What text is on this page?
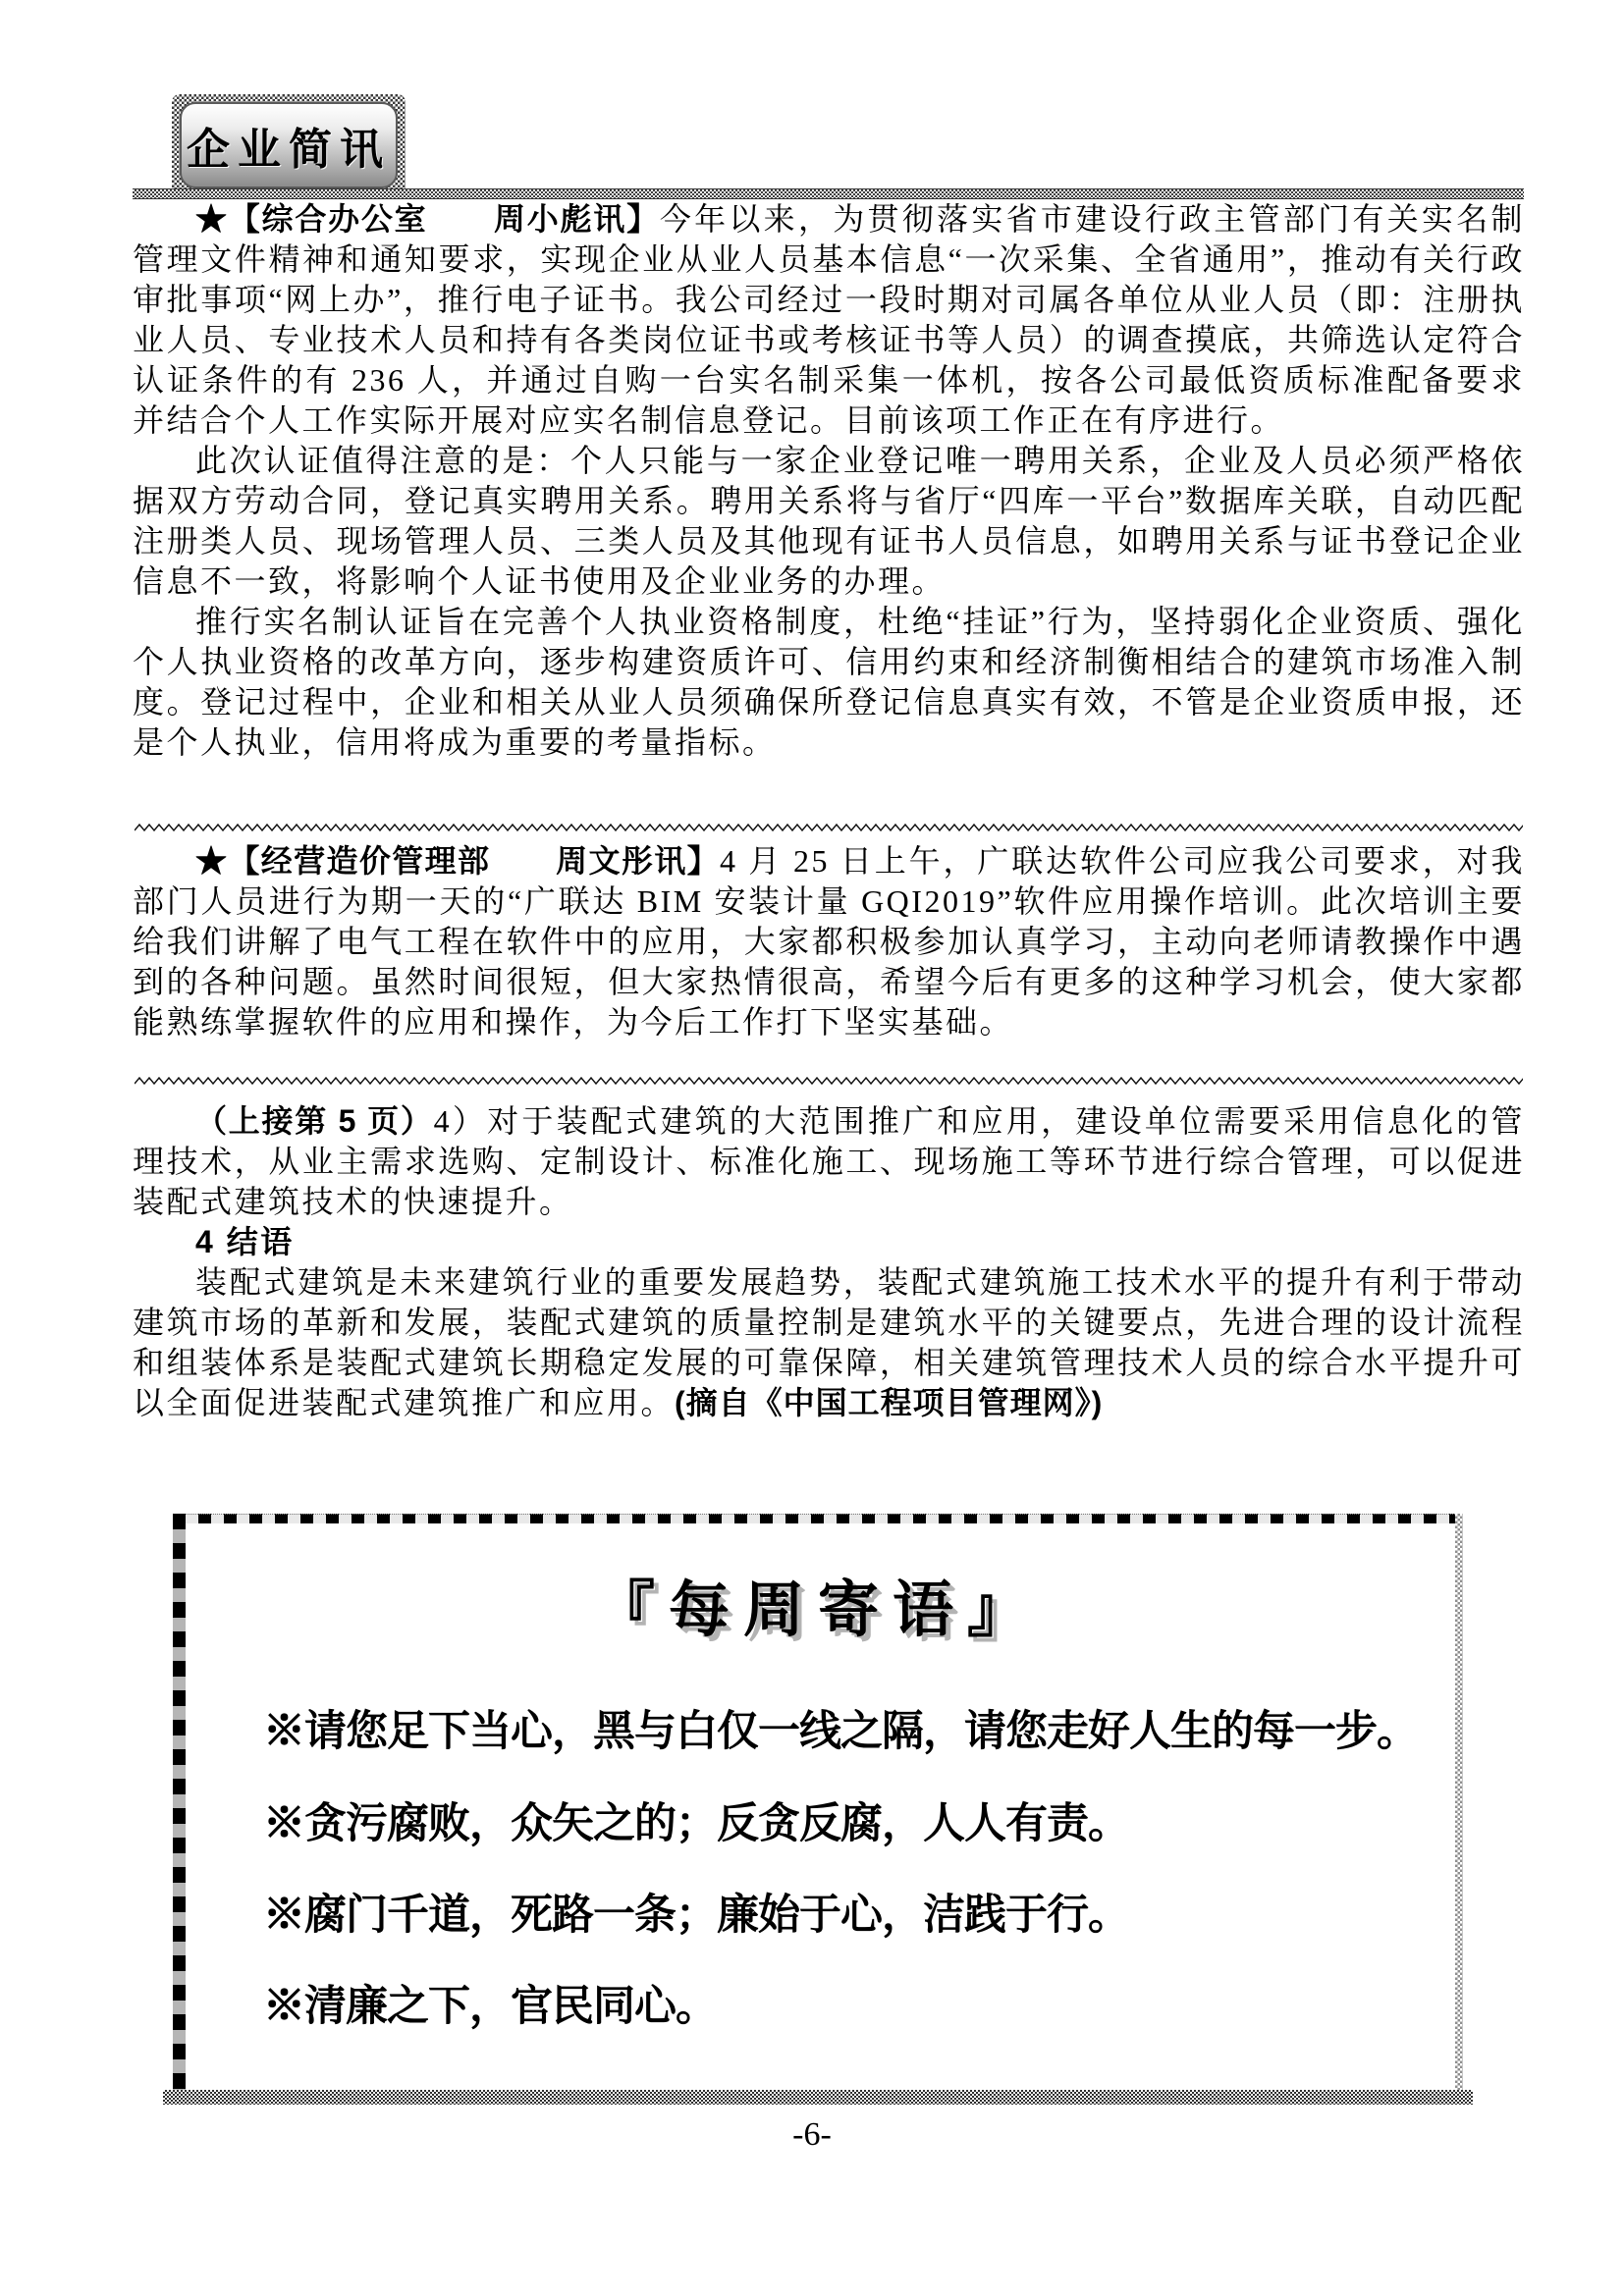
企业简讯

★【综合办公室　　周小彪讯】今年以来，为贯彻落实省市建设行政主管部门有关实名制管理文件精神和通知要求，实现企业从业人员基本信息“一次采集、全省通用”，推动有关行政审批事项“网上办”，推行电子证书。我公司经过一段时期对司属各单位从业人员（即：注册执业人员、专业技术人员和持有各类岗位证书或考核证书等人员）的调查摸底，共筛选认定符合认证条件的有 236 人，并通过自购一台实名制采集一体机，按各公司最低资质标准配备要求并结合个人工作实际开展对应实名制信息登记。目前该项工作正在有序进行。

此次认证值得注意的是：个人只能与一家企业登记唯一聘用关系，企业及人员必须严格依据双方劳动合同，登记真实聘用关系。聘用关系将与省厅“四库一平台”数据库关联，自动匹配注册类人员、现场管理人员、三类人员及其他现有证书人员信息，如聘用关系与证书登记企业信息不一致，将影响个人证书使用及企业业务的办理。

推行实名制认证旨在完善个人执业资格制度，杜绝“挂证”行为，坚持弱化企业资质、强化个人执业资格的改革方向，逐步构建资质许可、信用约束和经济制衡相结合的建筑市场准入制度。登记过程中，企业和相关从业人员须确保所登记信息真实有效，不管是企业资质申报，还是个人执业，信用将成为重要的考量指标。

★【经营造价管理部　　周文彤讯】4 月 25 日上午，广联达软件公司应我公司要求，对我部门人员进行为期一天的“广联达 BIM 安装计量 GQI2019”软件应用操作培训。此次培训主要给我们讲解了电气工程在软件中的应用，大家都积极参加认真学习，主动向老师请教操作中遇到的各种问题。虽然时间很短，但大家热情很高，希望今后有更多的这种学习机会，使大家都能熟练掌握软件的应用和操作，为今后工作打下坚实基础。

（上接第 5 页）4）对于装配式建筑的大范围推广和应用，建设单位需要采用信息化的管理技术，从业主需求选购、定制设计、标准化施工、现场施工等环节进行综合管理，可以促进装配式建筑技术的快速提升。

4 结语

装配式建筑是未来建筑行业的重要发展趋势，装配式建筑施工技术水平的提升有利于带动建筑市场的革新和发展，装配式建筑的质量控制是建筑水平的关键要点，先进合理的设计流程和组装体系是装配式建筑长期稳定发展的可靠保障，相关建筑管理技术人员的综合水平提升可以全面促进装配式建筑推广和应用。(摘自《中国工程项目管理网》)

『每周寄语』
※请您足下当心，黑与白仅一线之隔，请您走好人生的每一步。
※贪污腐败，众矢之的；反贪反腐，人人有责。
※腐门千道，死路一条；廉始于心，洁践于行。
※清廉之下，官民同心。
-6-
